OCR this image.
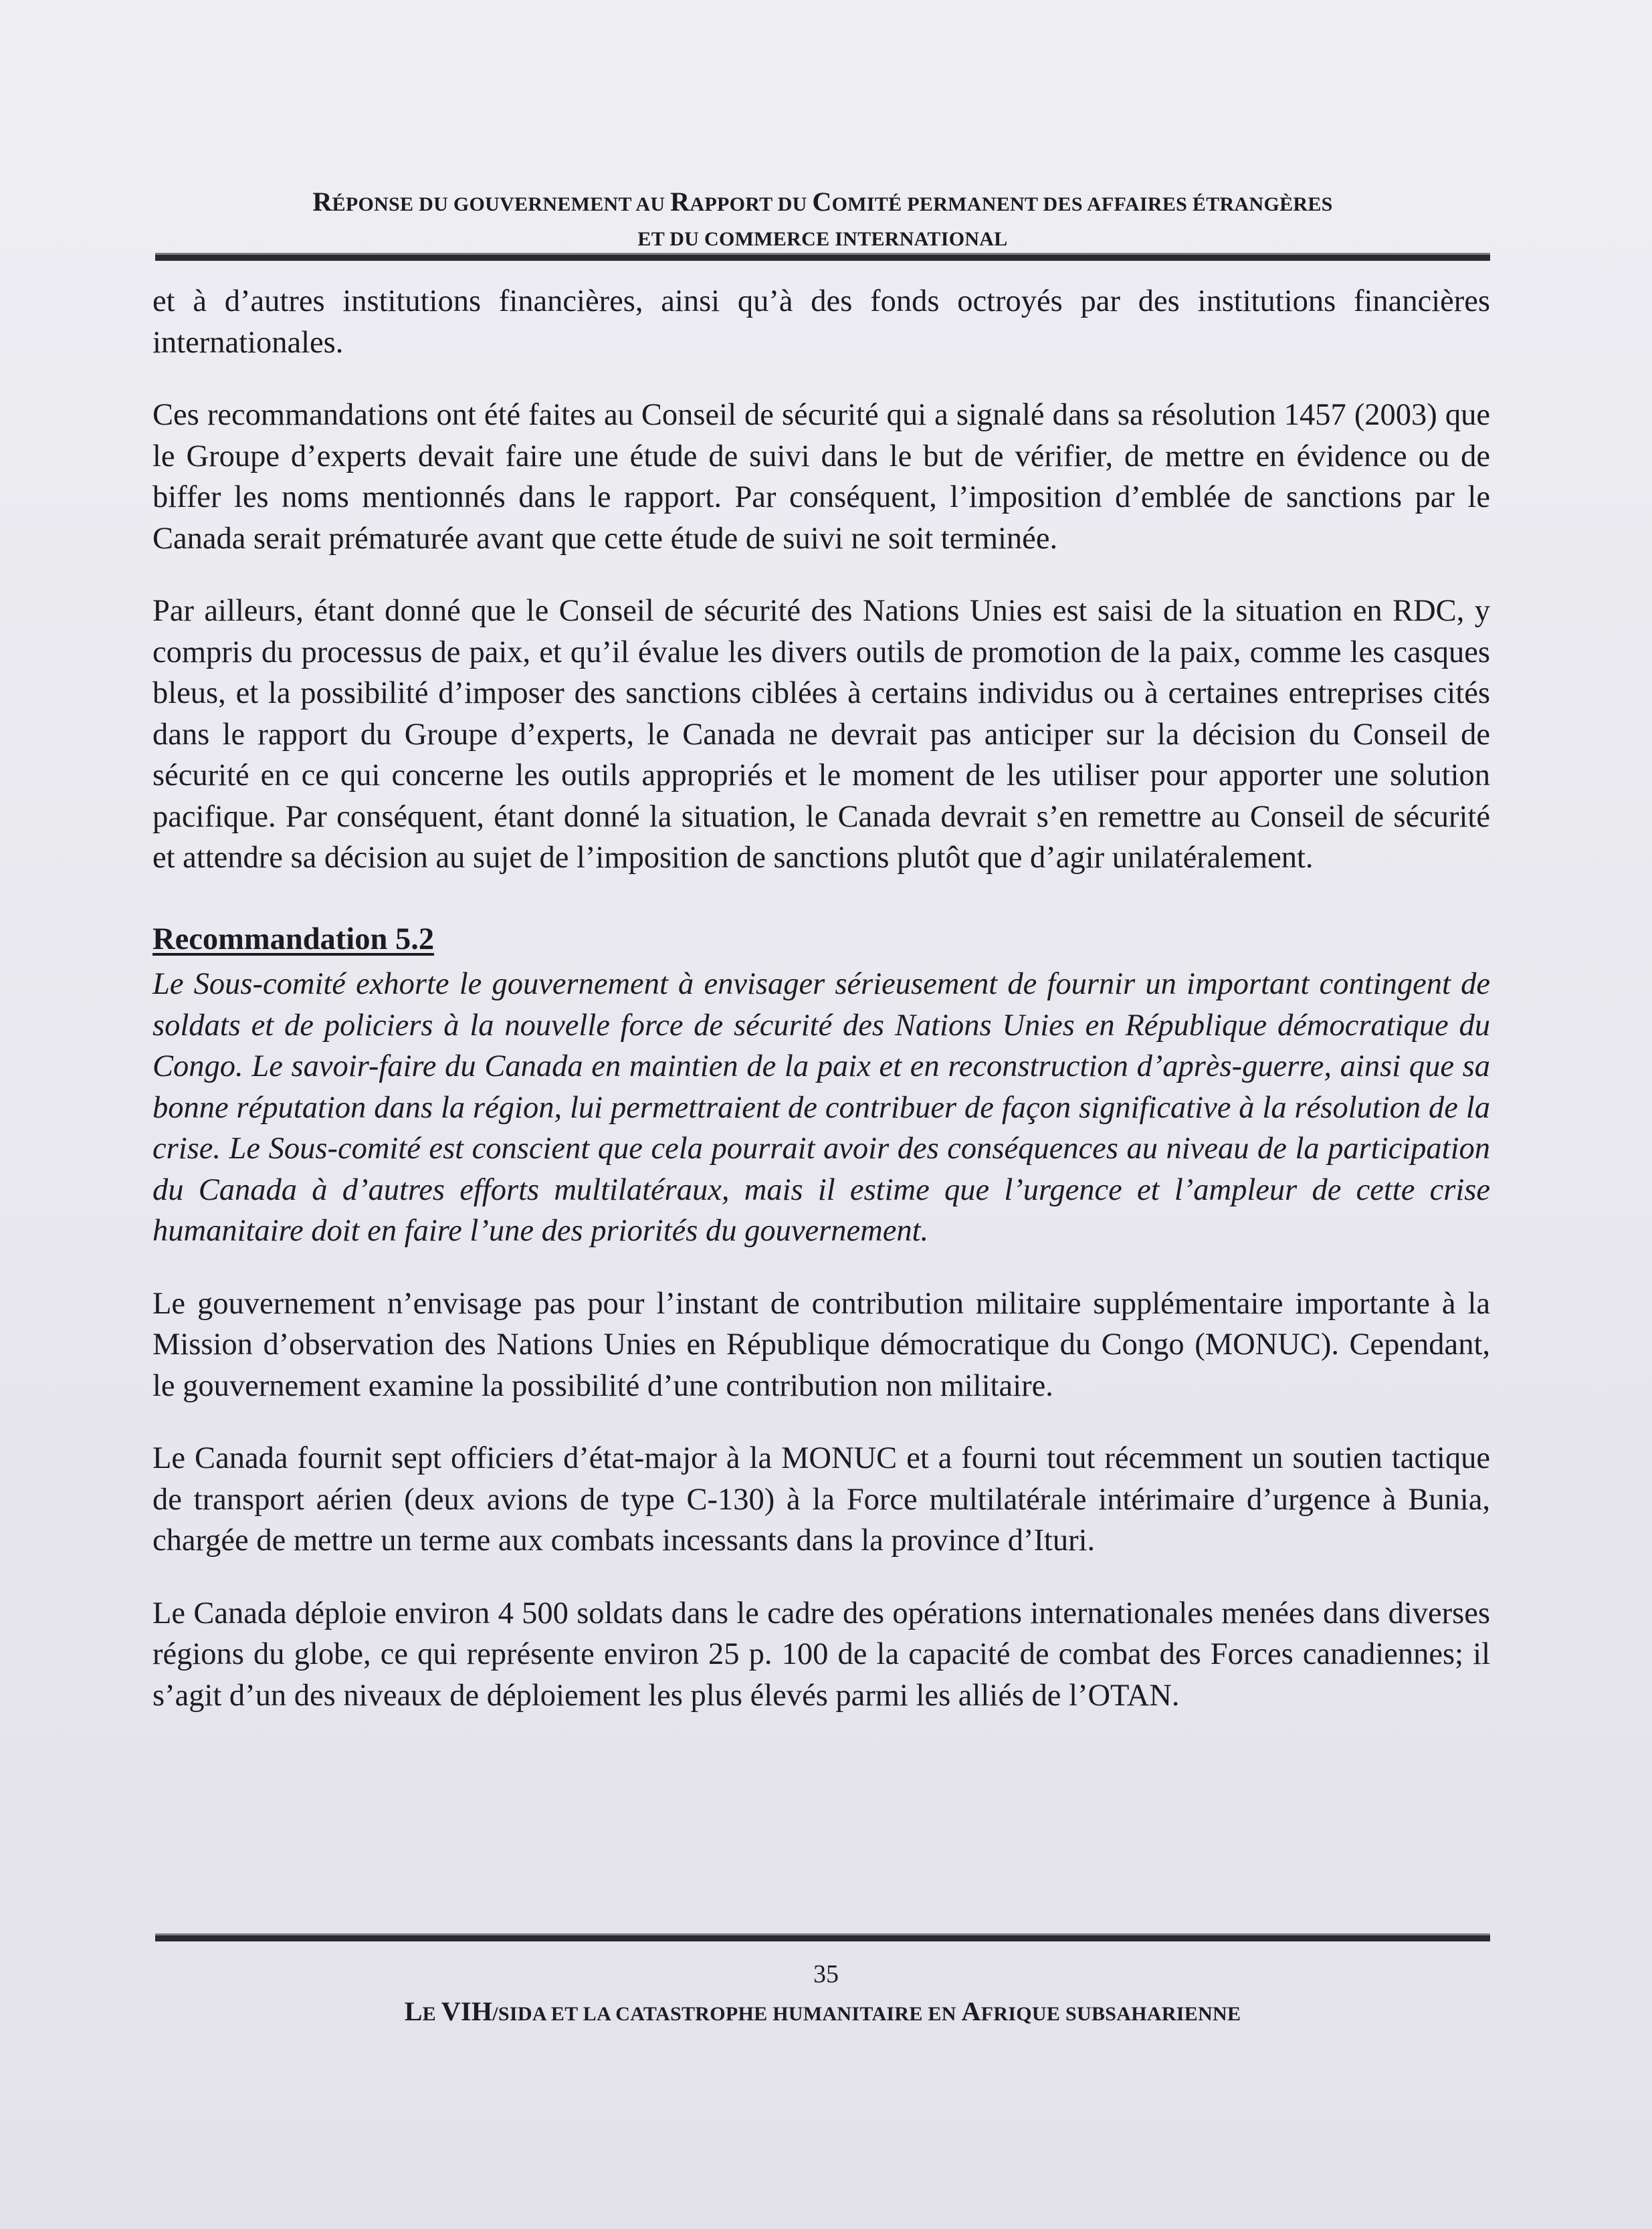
RÉPONSE DU GOUVERNEMENT AU RAPPORT DU COMITÉ PERMANENT DES AFFAIRES ÉTRANGÈRES
ET DU COMMERCE INTERNATIONAL

et à d’autres institutions financières, ainsi qu’à des fonds octroyés par des institutions financières internationales.

Ces recommandations ont été faites au Conseil de sécurité qui a signalé dans sa résolution 1457 (2003) que le Groupe d’experts devait faire une étude de suivi dans le but de vérifier, de mettre en évidence ou de biffer les noms mentionnés dans le rapport. Par conséquent, l’imposition d’emblée de sanctions par le Canada serait prématurée avant que cette étude de suivi ne soit terminée.

Par ailleurs, étant donné que le Conseil de sécurité des Nations Unies est saisi de la situation en RDC, y compris du processus de paix, et qu’il évalue les divers outils de promotion de la paix, comme les casques bleus, et la possibilité d’imposer des sanctions ciblées à certains individus ou à certaines entreprises cités dans le rapport du Groupe d’experts, le Canada ne devrait pas anticiper sur la décision du Conseil de sécurité en ce qui concerne les outils appropriés et le moment de les utiliser pour apporter une solution pacifique. Par conséquent, étant donné la situation, le Canada devrait s’en remettre au Conseil de sécurité et attendre sa décision au sujet de l’imposition de sanctions plutôt que d’agir unilatéralement.

Recommandation 5.2

Le Sous-comité exhorte le gouvernement à envisager sérieusement de fournir un important contingent de soldats et de policiers à la nouvelle force de sécurité des Nations Unies en République démocratique du Congo. Le savoir-faire du Canada en maintien de la paix et en reconstruction d’après-guerre, ainsi que sa bonne réputation dans la région, lui permettraient de contribuer de façon significative à la résolution de la crise. Le Sous-comité est conscient que cela pourrait avoir des conséquences au niveau de la participation du Canada à d’autres efforts multilatéraux, mais il estime que l’urgence et l’ampleur de cette crise humanitaire doit en faire l’une des priorités du gouvernement.

Le gouvernement n’envisage pas pour l’instant de contribution militaire supplémentaire importante à la Mission d’observation des Nations Unies en République démocratique du Congo (MONUC). Cependant, le gouvernement examine la possibilité d’une contribution non militaire.

Le Canada fournit sept officiers d’état-major à la MONUC et a fourni tout récemment un soutien tactique de transport aérien (deux avions de type C-130) à la Force multilatérale intérimaire d’urgence à Bunia, chargée de mettre un terme aux combats incessants dans la province d’Ituri.

Le Canada déploie environ 4 500 soldats dans le cadre des opérations internationales menées dans diverses régions du globe, ce qui représente environ 25 p. 100 de la capacité de combat des Forces canadiennes; il s’agit d’un des niveaux de déploiement les plus élevés parmi les alliés de l’OTAN.

35
LE VIH/SIDA ET LA CATASTROPHE HUMANITAIRE EN AFRIQUE SUBSAHARIENNE
